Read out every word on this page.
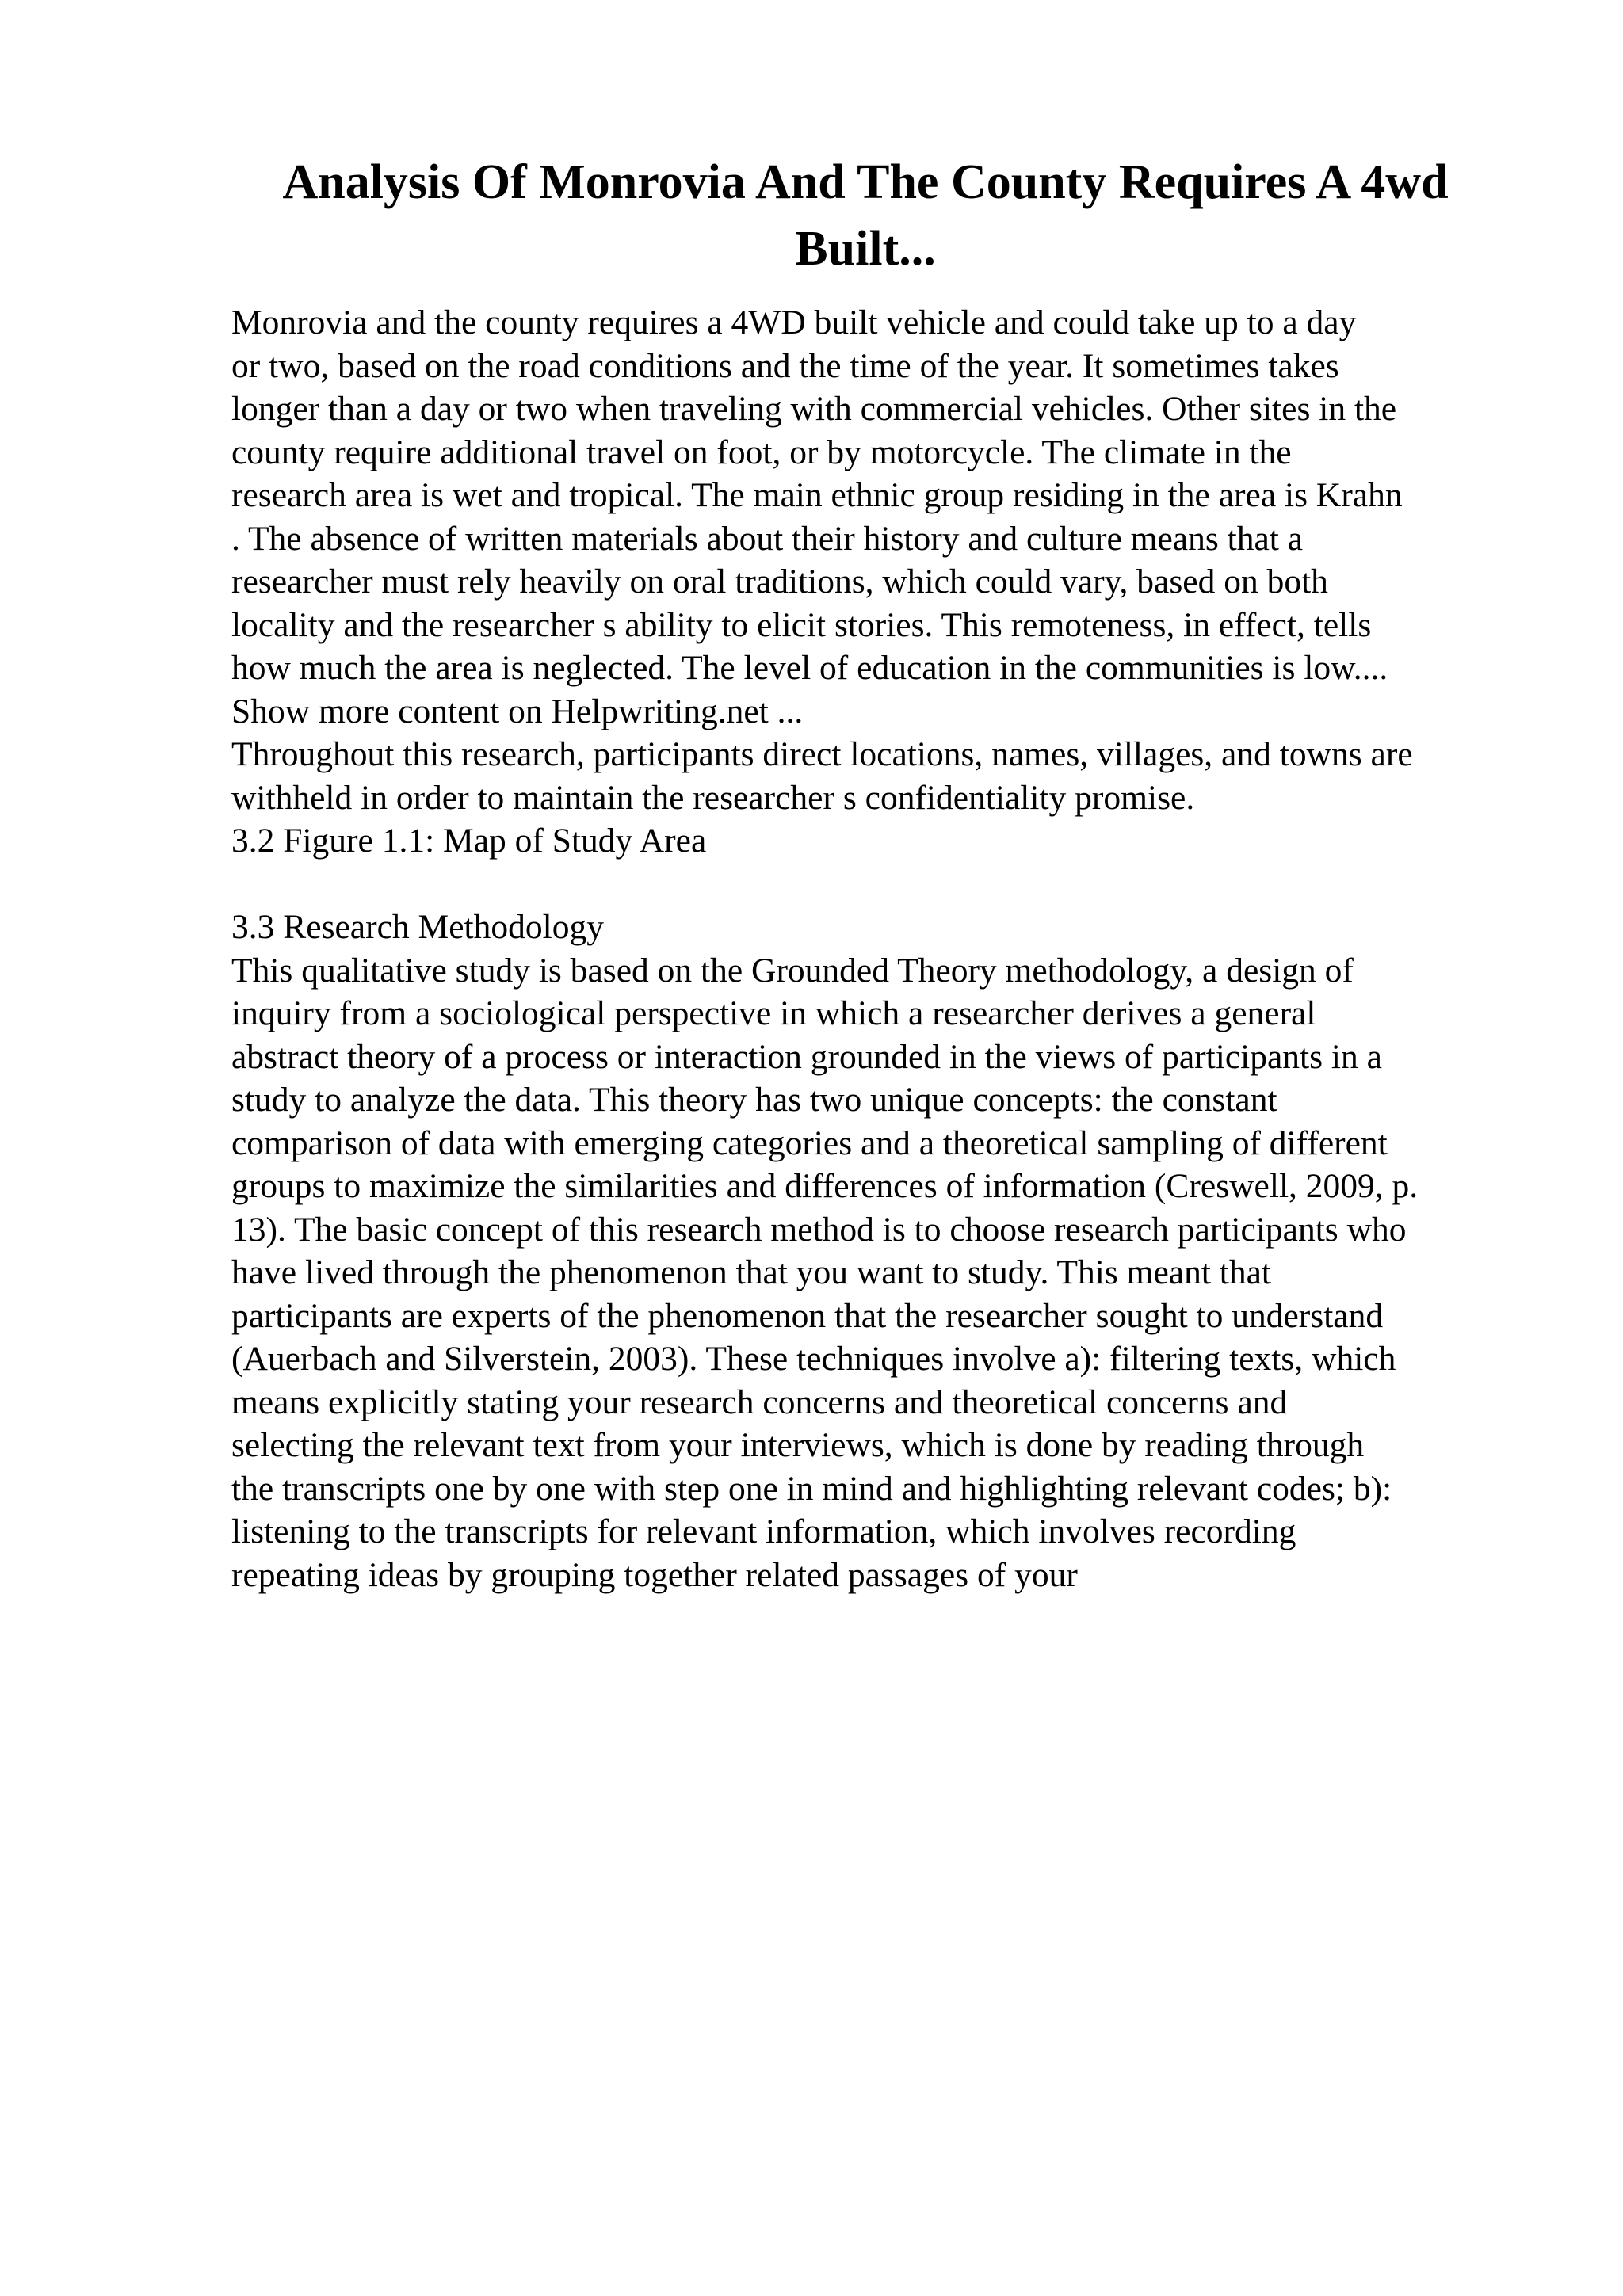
Analysis Of Monrovia And The County Requires A 4wd
Built...
Monrovia and the county requires a 4WD built vehicle and could take up to a day
or two, based on the road conditions and the time of the year. It sometimes takes
longer than a day or two when traveling with commercial vehicles. Other sites in the
county require additional travel on foot, or by motorcycle. The climate in the
research area is wet and tropical. The main ethnic group residing in the area is Krahn
. The absence of written materials about their history and culture means that a
researcher must rely heavily on oral traditions, which could vary, based on both
locality and the researcher s ability to elicit stories. This remoteness, in effect, tells
how much the area is neglected. The level of education in the communities is low....
Show more content on Helpwriting.net ...
Throughout this research, participants direct locations, names, villages, and towns are
withheld in order to maintain the researcher s confidentiality promise.
3.2 Figure 1.1: Map of Study Area
3.3 Research Methodology
This qualitative study is based on the Grounded Theory methodology, a design of
inquiry from a sociological perspective in which a researcher derives a general
abstract theory of a process or interaction grounded in the views of participants in a
study to analyze the data. This theory has two unique concepts: the constant
comparison of data with emerging categories and a theoretical sampling of different
groups to maximize the similarities and differences of information (Creswell, 2009, p.
13). The basic concept of this research method is to choose research participants who
have lived through the phenomenon that you want to study. This meant that
participants are experts of the phenomenon that the researcher sought to understand
(Auerbach and Silverstein, 2003). These techniques involve a): filtering texts, which
means explicitly stating your research concerns and theoretical concerns and
selecting the relevant text from your interviews, which is done by reading through
the transcripts one by one with step one in mind and highlighting relevant codes; b):
listening to the transcripts for relevant information, which involves recording
repeating ideas by grouping together related passages of your
